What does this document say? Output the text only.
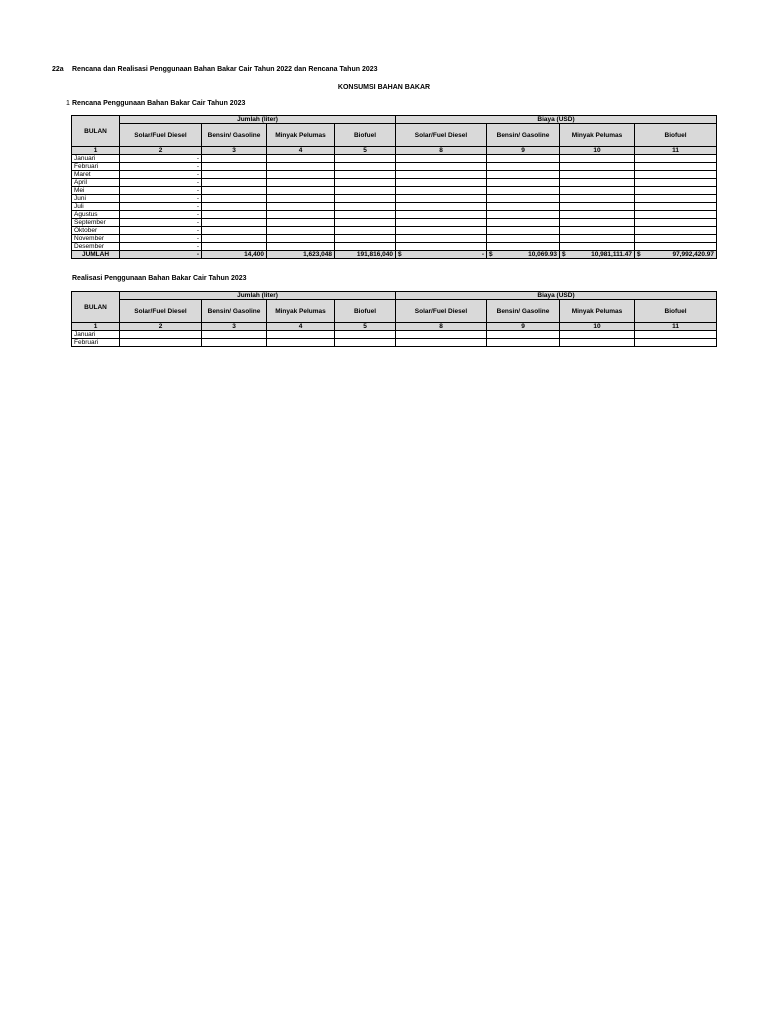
22a Rencana dan Realisasi Penggunaan Bahan Bakar Cair Tahun 2022 dan Rencana Tahun 2023
KONSUMSI BAHAN BAKAR
1 Rencana Penggunaan Bahan Bakar Cair Tahun 2023
BULAN	Jumlah (liter)				Biaya (USD)			
	Solar/Fuel Diesel	Bensin/ Gasoline	Minyak Pelumas	Biofuel	Solar/Fuel Diesel	Bensin/ Gasoline	Minyak Pelumas	Biofuel
1	2	3	4	5	8	9	10	11
Januari	-							
Februari	-							
Maret	-							
April	-							
Mei	-							
Juni	-							
Juli	-							
Agustus	-							
September	-							
Oktober	-							
November	-							
Desember	-							
JUMLAH	-	14,400	1,623,048	191,816,040	$ -	$ 10,069.93	$ 10,981,111.47	$ 97,992,420.97
Realisasi Penggunaan Bahan Bakar Cair Tahun 2023
BULAN	Jumlah (liter)				Biaya (USD)			
	Solar/Fuel Diesel	Bensin/ Gasoline	Minyak Pelumas	Biofuel	Solar/Fuel Diesel	Bensin/ Gasoline	Minyak Pelumas	Biofuel
1	2	3	4	5	8	9	10	11
Januari								
Februari								
